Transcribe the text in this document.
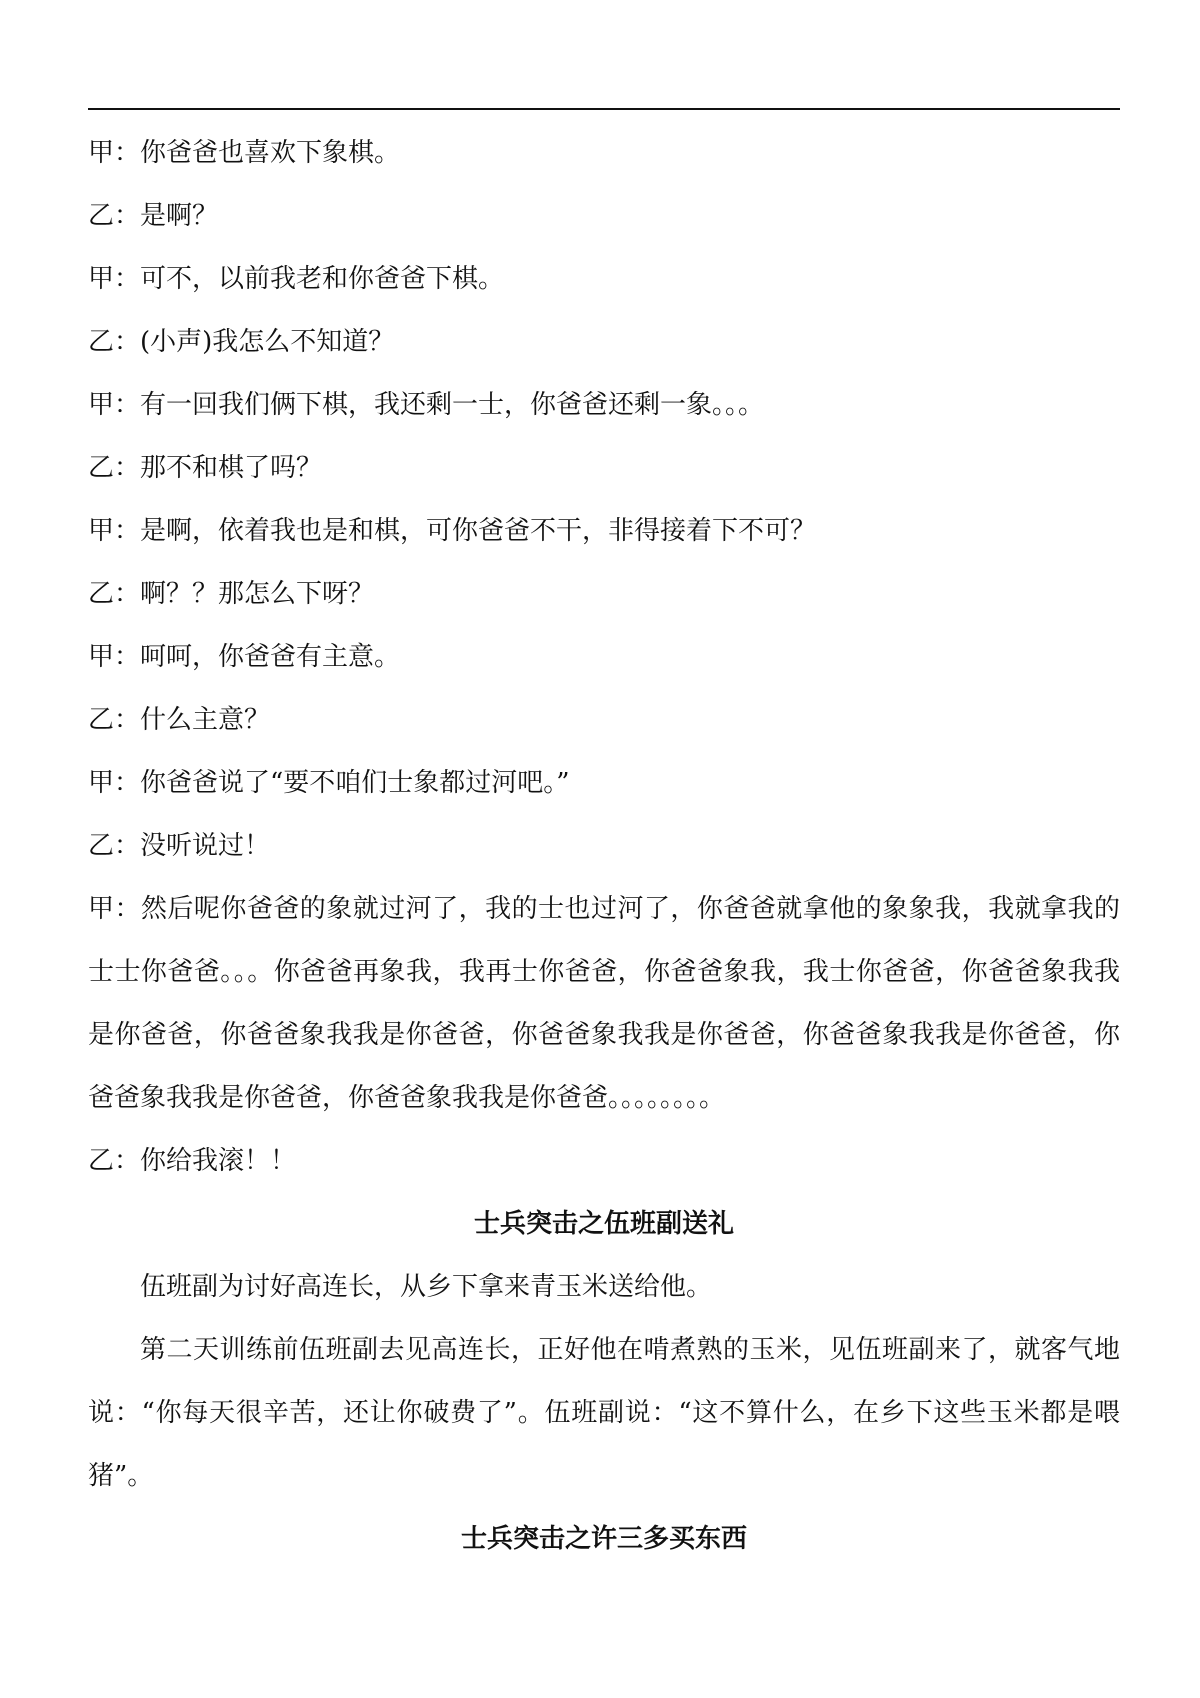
甲：你爸爸也喜欢下象棋。
乙：是啊？
甲：可不，以前我老和你爸爸下棋。
乙：(小声)我怎么不知道？
甲：有一回我们俩下棋，我还剩一士，你爸爸还剩一象。。。
乙：那不和棋了吗？
甲：是啊，依着我也是和棋，可你爸爸不干，非得接着下不可？
乙：啊？？那怎么下呀？
甲：呵呵，你爸爸有主意。
乙：什么主意？
甲：你爸爸说了“要不咱们士象都过河吧。”
乙：没听说过！
甲：然后呢你爸爸的象就过河了，我的士也过河了，你爸爸就拿他的象象我，我就拿我的士士你爸爸。。。你爸爸再象我，我再士你爸爸，你爸爸象我，我士你爸爸，你爸爸象我我是你爸爸，你爸爸象我我是你爸爸，你爸爸象我我是你爸爸，你爸爸象我我是你爸爸，你爸爸象我我是你爸爸，你爸爸象我我是你爸爸。。。。。。。。
乙：你给我滚！！
士兵突击之伍班副送礼
伍班副为讨好高连长，从乡下拿来青玉米送给他。
第二天训练前伍班副去见高连长，正好他在啃煮熟的玉米，见伍班副来了，就客气地说：“你每天很辛苦，还让你破费了”。伍班副说：“这不算什么，在乡下这些玉米都是喂猪”。
士兵突击之许三多买东西
